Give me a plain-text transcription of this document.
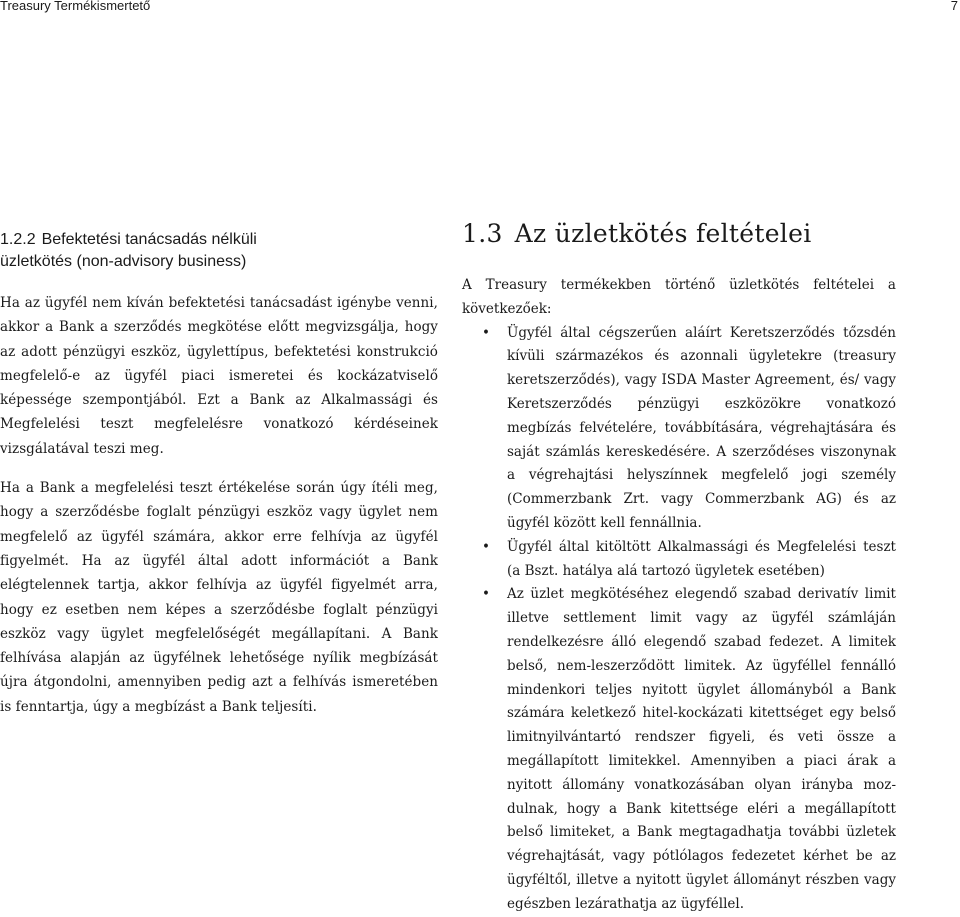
Treasury Termékismertető	7
1.2.2 Befektetési tanácsadás nélküli
üzletkötés (non-advisory business)

Ha az ügyfél nem kíván befektetési tanácsadást igénybe venni, akkor a Bank a szerződés megkötése előtt megvizsgálja, hogy az adott pénzügyi eszköz, ügylettípus, befektetési konstrukció megfelelő-e az ügyfél piaci ismeretei és kockázatviselő képessége szempontjából. Ezt a Bank az Alkalmassági és Megfelelési teszt megfelelésre vonatkozó kérdéseinek vizsgálatával teszi meg.

Ha a Bank a megfelelési teszt értékelése során úgy ítéli meg, hogy a szerződésbe foglalt pénzügyi eszköz vagy ügylet nem megfelelő az ügyfél számára, akkor erre felhívja az ügyfél figyelmét. Ha az ügyfél által adott információt a Bank elégtelennek tartja, akkor felhívja az ügyfél figyelmét arra, hogy ez esetben nem képes a szerződésbe foglalt pénzügyi eszköz vagy ügylet megfelelőségét megállapítani. A Bank felhívása alapján az ügyfélnek lehetősége nyílik megbízását újra átgondolni, amennyiben pedig azt a felhívás ismeretében is fenntartja, úgy a megbízást a Bank teljesíti.

1.3 Az üzletkötés feltételei

A Treasury termékekben történő üzletkötés feltételei a következőek:

• Ügyfél által cégszerűen aláírt Keretszerződés tőzsdén kívüli származékos és azonnali ügyletekre (treasury keretszerződés), vagy ISDA Master Agreement, és/ vagy Keretszerződés pénzügyi eszközökre vonatkozó megbízás felvételére, továbbítására, végrehajtására és saját számlás kereskedésére. A szerződéses viszonynak a végrehajtási helyszínnek megfelelő jogi személy (Commerzbank Zrt. vagy Commerzbank AG) és az ügyfél között kell fennállnia.
• Ügyfél által kitöltött Alkalmassági és Megfelelési teszt (a Bszt. hatálya alá tartozó ügyletek esetében)
• Az üzlet megkötéséhez elegendő szabad derivatív limit illetve settlement limit vagy az ügyfél számláján rendelkezésre álló elegendő szabad fedezet. A limitek belső, nem-leszerződött limitek. Az ügyféllel fennálló mindenkori teljes nyitott ügylet állományból a Bank számára keletkező hitel-kockázati kitettséget egy belső limitnyilvántartó rendszer figyeli, és veti össze a megállapított limitekkel. Amennyiben a piaci árak a nyitott állomány vonatkozásában olyan irányba mozdulnak, hogy a Bank kitettsége eléri a megállapított belső limiteket, a Bank megtagadhatja további üzletek végrehajtását, vagy pótlólagos fedezetet kérhet be az ügyféltől, illetve a nyitott ügylet állományt részben vagy egészben lezárathatja az ügyféllel.
